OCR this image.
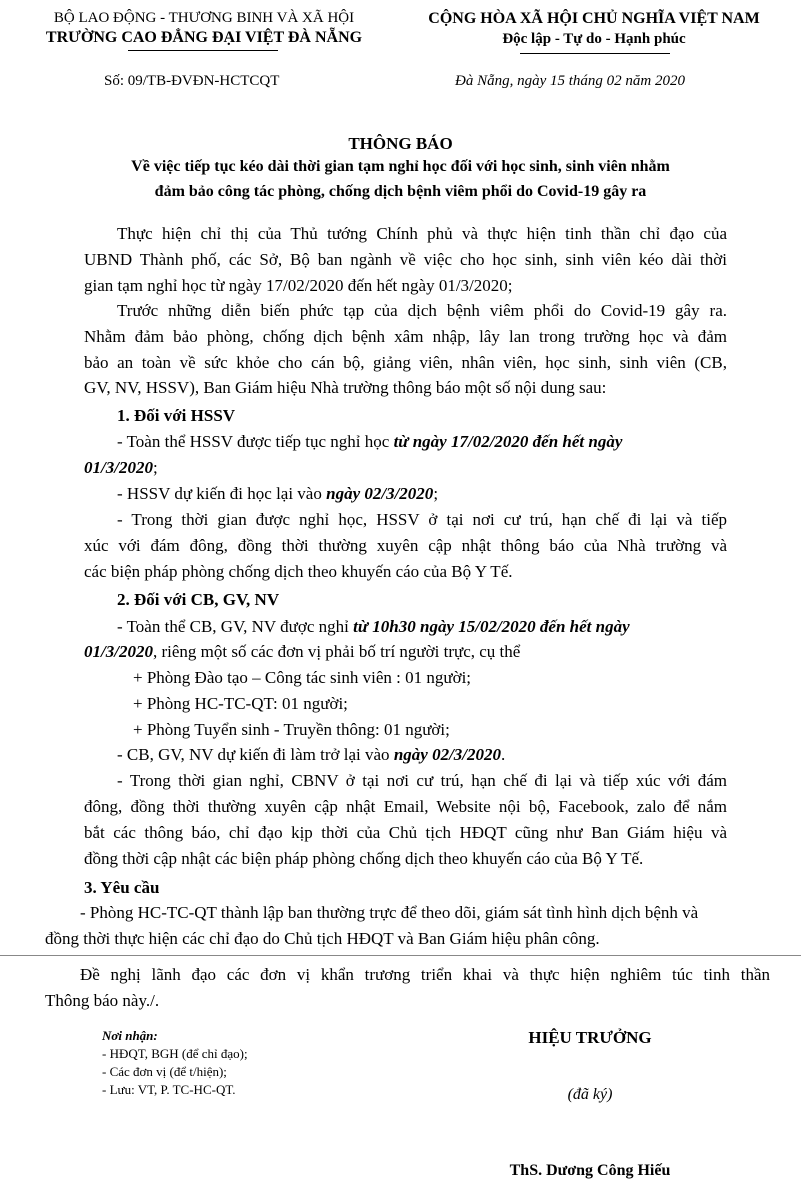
BỘ LAO ĐỘNG - THƯƠNG BINH VÀ XÃ HỘI
TRƯỜNG CAO ĐẲNG ĐẠI VIỆT ĐÀ NẴNG
CỘNG HÒA XÃ HỘI CHỦ NGHĨA VIỆT NAM
Độc lập - Tự do - Hạnh phúc
Số: 09/TB-ĐVĐN-HCTCQT	Đà Nẵng, ngày 15 tháng 02 năm 2020
THÔNG BÁO
Về việc tiếp tục kéo dài thời gian tạm nghỉ học đối với học sinh, sinh viên nhằm
đảm bảo công tác phòng, chống dịch bệnh viêm phổi do Covid-19 gây ra
Thực hiện chỉ thị của Thủ tướng Chính phủ và thực hiện tinh thần chỉ đạo của
UBND Thành phố, các Sở, Bộ ban ngành về việc cho học sinh, sinh viên kéo dài thời
gian tạm nghỉ học từ ngày 17/02/2020 đến hết ngày 01/3/2020;
Trước những diễn biến phức tạp của dịch bệnh viêm phổi do Covid-19 gây ra.
Nhằm đảm bảo phòng, chống dịch bệnh xâm nhập, lây lan trong trường học và đảm
bảo an toàn về sức khỏe cho cán bộ, giảng viên, nhân viên, học sinh, sinh viên (CB,
GV, NV, HSSV), Ban Giám hiệu Nhà trường thông báo một số nội dung sau:
1. Đối với HSSV
- Toàn thể HSSV được tiếp tục nghỉ học từ ngày 17/02/2020 đến hết ngày
01/3/2020;
- HSSV dự kiến đi học lại vào ngày 02/3/2020;
- Trong thời gian được nghỉ học, HSSV ở tại nơi cư trú, hạn chế đi lại và tiếp
xúc với đám đông, đồng thời thường xuyên cập nhật thông báo của Nhà trường và
các biện pháp phòng chống dịch theo khuyến cáo của Bộ Y Tế.
2. Đối với CB, GV, NV
- Toàn thể CB, GV, NV được nghỉ từ 10h30 ngày 15/02/2020 đến hết ngày
01/3/2020, riêng một số các đơn vị phải bố trí người trực, cụ thể
+ Phòng Đào tạo – Công tác sinh viên : 01 người;
+ Phòng HC-TC-QT: 01 người;
+ Phòng Tuyển sinh - Truyền thông: 01 người;
- CB, GV, NV dự kiến đi làm trở lại vào ngày 02/3/2020.
- Trong thời gian nghỉ, CBNV ở tại nơi cư trú, hạn chế đi lại và tiếp xúc với đám
đông, đồng thời thường xuyên cập nhật Email, Website nội bộ, Facebook, zalo để nắm
bắt các thông báo, chỉ đạo kịp thời của Chủ tịch HĐQT cũng như Ban Giám hiệu và
đồng thời cập nhật các biện pháp phòng chống dịch theo khuyến cáo của Bộ Y Tế.
3. Yêu cầu
- Phòng HC-TC-QT thành lập ban thường trực để theo dõi, giám sát tình hình dịch bệnh và
đồng thời thực hiện các chỉ đạo do Chủ tịch HĐQT và Ban Giám hiệu phân công.
Đề nghị lãnh đạo các đơn vị khẩn trương triển khai và thực hiện nghiêm túc tinh thần
Thông báo này./.
Nơi nhận:
- HĐQT, BGH (để chỉ đạo);
- Các đơn vị (để t/hiện);
- Lưu: VT, P. TC-HC-QT.
HIỆU TRƯỞNG
(đã ký)
ThS. Dương Công Hiếu
